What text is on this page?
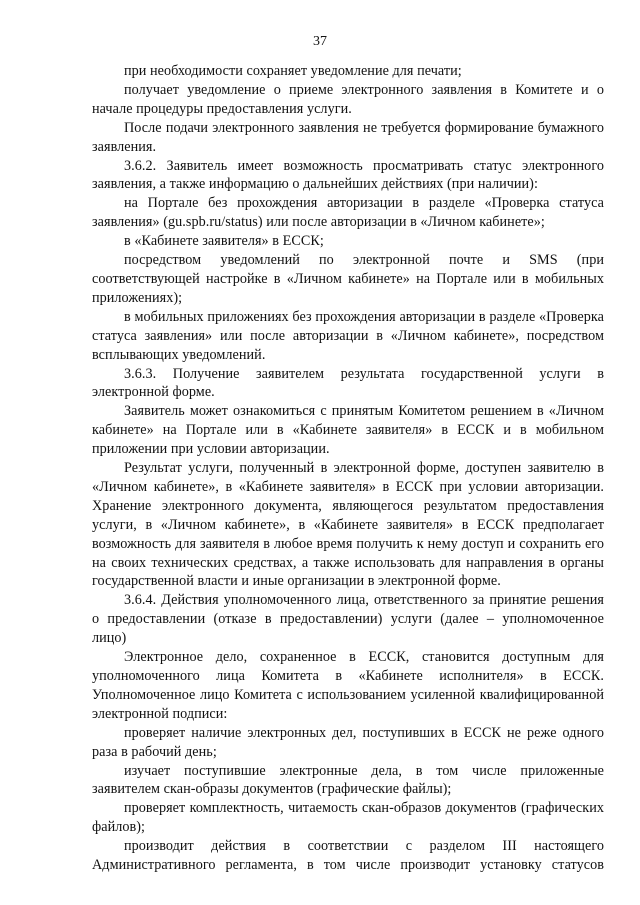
37

при необходимости сохраняет уведомление для печати;

получает уведомление о приеме электронного заявления в Комитете и о начале процедуры предоставления услуги.

После подачи электронного заявления не требуется формирование бумажного заявления.

3.6.2. Заявитель имеет возможность просматривать статус электронного заявления, а также информацию о дальнейших действиях (при наличии):

на Портале без прохождения авторизации в разделе «Проверка статуса заявления» (gu.spb.ru/status) или после авторизации в «Личном кабинете»;

в «Кабинете заявителя» в ЕССК;

посредством уведомлений по электронной почте и SMS (при соответствующей настройке в «Личном кабинете» на Портале или в мобильных приложениях);

в мобильных приложениях без прохождения авторизации в разделе «Проверка статуса заявления» или после авторизации в «Личном кабинете», посредством всплывающих уведомлений.

3.6.3. Получение заявителем результата государственной услуги в электронной форме.

Заявитель может ознакомиться с принятым Комитетом решением в «Личном кабинете» на Портале или в «Кабинете заявителя» в ЕССК и в мобильном приложении при условии авторизации.

Результат услуги, полученный в электронной форме, доступен заявителю в «Личном кабинете», в «Кабинете заявителя» в ЕССК при условии авторизации. Хранение электронного документа, являющегося результатом предоставления услуги, в «Личном кабинете», в «Кабинете заявителя» в ЕССК предполагает возможность для заявителя в любое время получить к нему доступ и сохранить его на своих технических средствах, а также использовать для направления в органы государственной власти и иные организации в электронной форме.

3.6.4. Действия уполномоченного лица, ответственного за принятие решения о предоставлении (отказе в предоставлении) услуги (далее – уполномоченное лицо)

Электронное дело, сохраненное в ЕССК, становится доступным для уполномоченного лица Комитета в «Кабинете исполнителя» в ЕССК. Уполномоченное лицо Комитета с использованием усиленной квалифицированной электронной подписи:

проверяет наличие электронных дел, поступивших в ЕССК не реже одного раза в рабочий день;

изучает поступившие электронные дела, в том числе приложенные заявителем скан-образы документов (графические файлы);

проверяет комплектность, читаемость скан-образов документов (графических файлов);

производит действия в соответствии с разделом III настоящего Административного регламента, в том числе производит установку статусов
